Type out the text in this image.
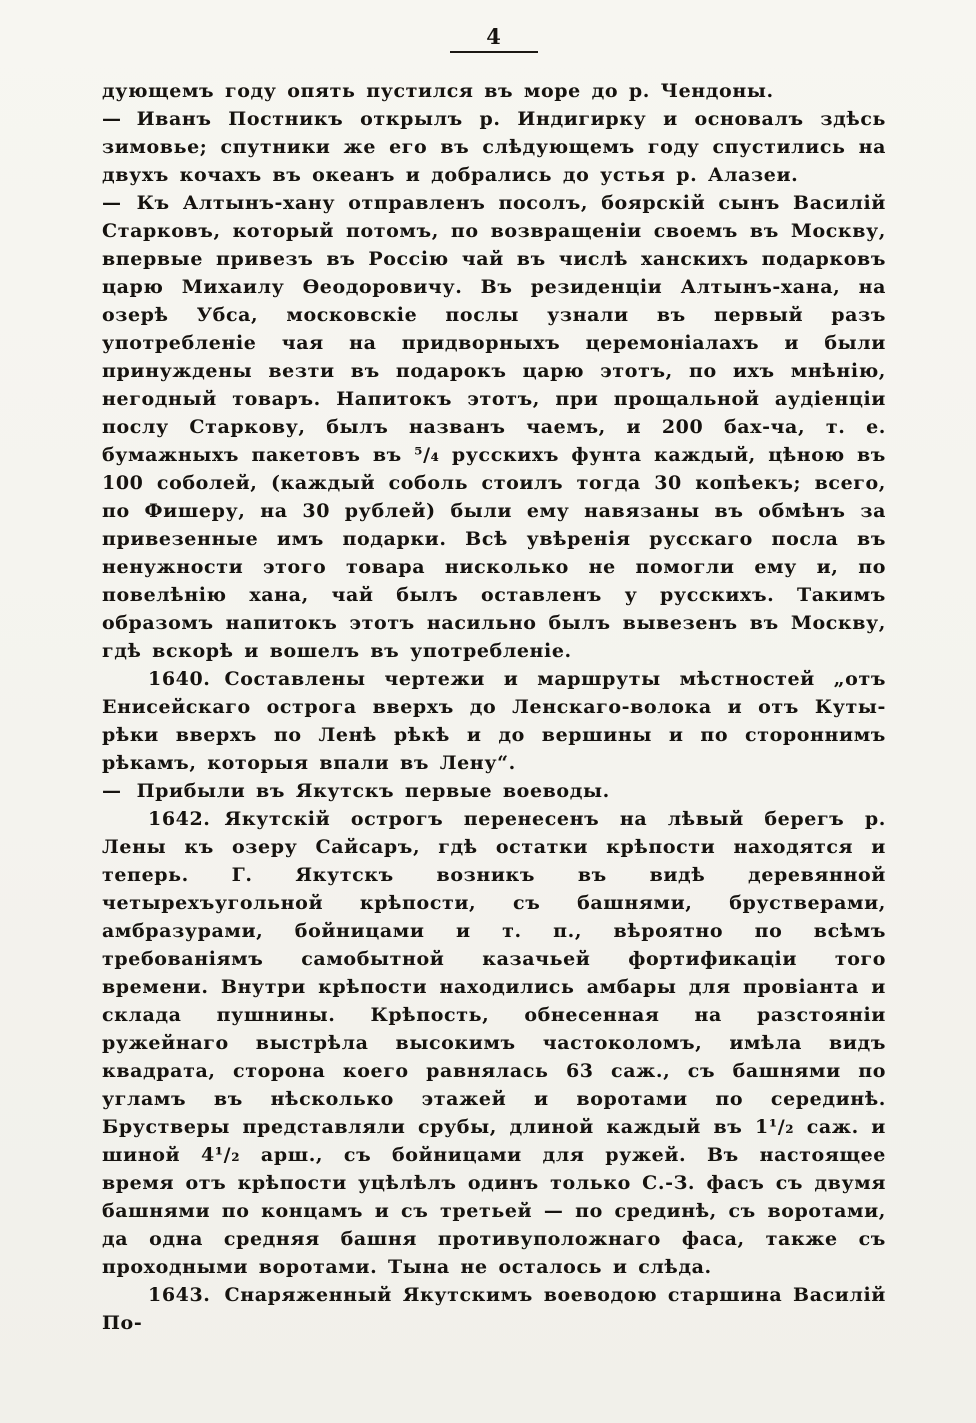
4

дующемъ году опять пустился въ море до р. Чендоны.

— Иванъ Постникъ открылъ р. Индигирку и основалъ здѣсь зимовье; спутники же его въ слѣдующемъ году спустились на двухъ кочахъ въ океанъ и добрались до устья р. Алазеи.

— Къ Алтынъ-хану отправленъ посолъ, боярскій сынъ Василій Старковъ, который потомъ, по возвращеніи своемъ въ Москву, впервые привезъ въ Россію чай въ числѣ ханскихъ подарковъ царю Михаилу Ѳеодоровичу. Въ резиденціи Алтынъ-хана, на озерѣ Убса, московскіе послы узнали въ первый разъ употребленіе чая на придворныхъ церемоніалахъ и были принуждены везти въ подарокъ царю этотъ, по ихъ мнѣнію, негодный товаръ. Напитокъ этотъ, при прощальной аудіенціи послу Старкову, былъ названъ чаемъ, и 200 бах-ча, т. е. бумажныхъ пакетовъ въ ⁵/₄ русскихъ фунта каждый, цѣною въ 100 соболей, (каждый соболь стоилъ тогда 30 копѣекъ; всего, по Фишеру, на 30 рублей) были ему навязаны въ обмѣнъ за привезенные имъ подарки. Всѣ увѣренія русскаго посла въ ненужности этого товара нисколько не помогли ему и, по повелѣнію хана, чай былъ оставленъ у русскихъ. Такимъ образомъ напитокъ этотъ насильно былъ вывезенъ въ Москву, гдѣ вскорѣ и вошелъ въ употребленіе.

1640. Составлены чертежи и маршруты мѣстностей „отъ Енисейскаго острога вверхъ до Ленскаго-волока и отъ Куты-рѣки вверхъ по Ленѣ рѣкѣ и до вершины и по стороннимъ рѣкамъ, которыя впали въ Лену“.

— Прибыли въ Якутскъ первые воеводы.

1642. Якутскій острогъ перенесенъ на лѣвый берегъ р. Лены къ озеру Сайсаръ, гдѣ остатки крѣпости находятся и теперь. Г. Якутскъ возникъ въ видѣ деревянной четырехъугольной крѣпости, съ башнями, брустверами, амбразурами, бойницами и т. п., вѣроятно по всѣмъ требованіямъ самобытной казачьей фортификаціи того времени. Внутри крѣпости находились амбары для провіанта и склада пушнины. Крѣпость, обнесенная на разстояніи ружейнаго выстрѣла высокимъ частоколомъ, имѣла видъ квадрата, сторона коего равнялась 63 саж., съ башнями по угламъ въ нѣсколько этажей и воротами по серединѣ. Брустверы представляли срубы, длиной каждый въ 1¹/₂ саж. и шиной 4¹/₂ арш., съ бойницами для ружей. Въ настоящее время отъ крѣпости уцѣлѣлъ одинъ только С.-З. фасъ съ двумя башнями по концамъ и съ третьей — по срединѣ, съ воротами, да одна средняя башня противуположнаго фаса, также съ проходными воротами. Тына не осталось и слѣда.

1643. Снаряженный Якутскимъ воеводою старшина Василій По-
